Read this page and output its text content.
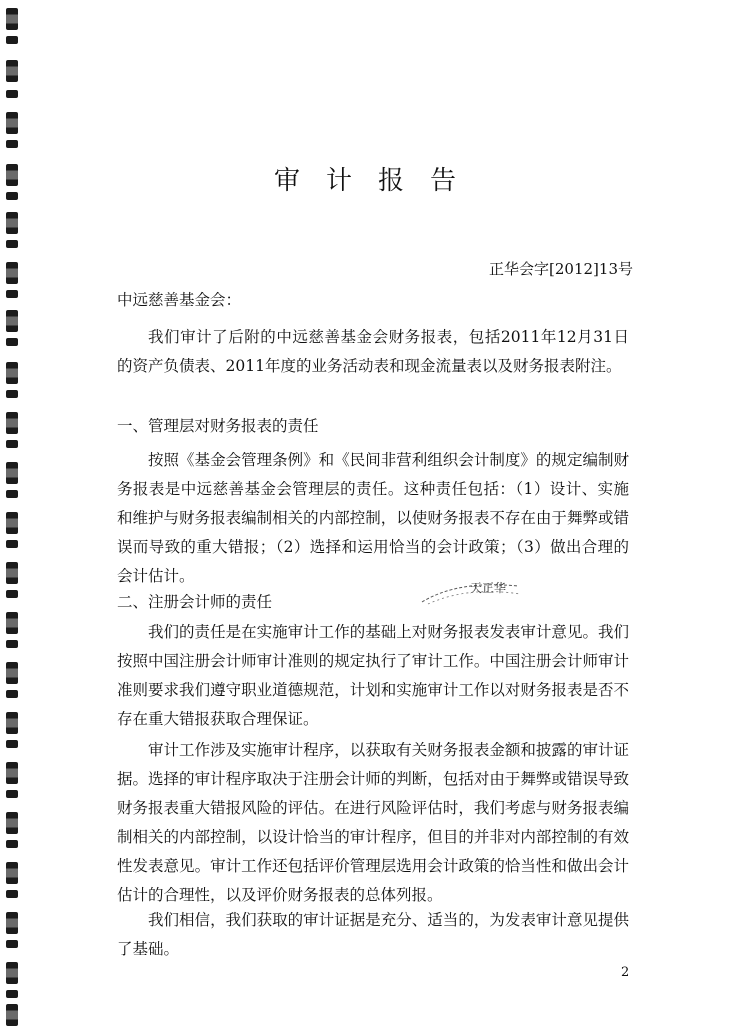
审计报告
正华会字[2012]13号
中远慈善基金会：
我们审计了后附的中远慈善基金会财务报表，包括2011年12月31日的资产负债表、2011年度的业务活动表和现金流量表以及财务报表附注。
一、管理层对财务报表的责任
按照《基金会管理条例》和《民间非营利组织会计制度》的规定编制财务报表是中远慈善基金会管理层的责任。这种责任包括：（1）设计、实施和维护与财务报表编制相关的内部控制，以使财务报表不存在由于舞弊或错误而导致的重大错报；（2）选择和运用恰当的会计政策；（3）做出合理的会计估计。
二、注册会计师的责任
天正华
我们的责任是在实施审计工作的基础上对财务报表发表审计意见。我们按照中国注册会计师审计准则的规定执行了审计工作。中国注册会计师审计准则要求我们遵守职业道德规范，计划和实施审计工作以对财务报表是否不存在重大错报获取合理保证。
审计工作涉及实施审计程序，以获取有关财务报表金额和披露的审计证据。选择的审计程序取决于注册会计师的判断，包括对由于舞弊或错误导致财务报表重大错报风险的评估。在进行风险评估时，我们考虑与财务报表编制相关的内部控制，以设计恰当的审计程序，但目的并非对内部控制的有效性发表意见。审计工作还包括评价管理层选用会计政策的恰当性和做出会计估计的合理性，以及评价财务报表的总体列报。
我们相信，我们获取的审计证据是充分、适当的，为发表审计意见提供了基础。
2
